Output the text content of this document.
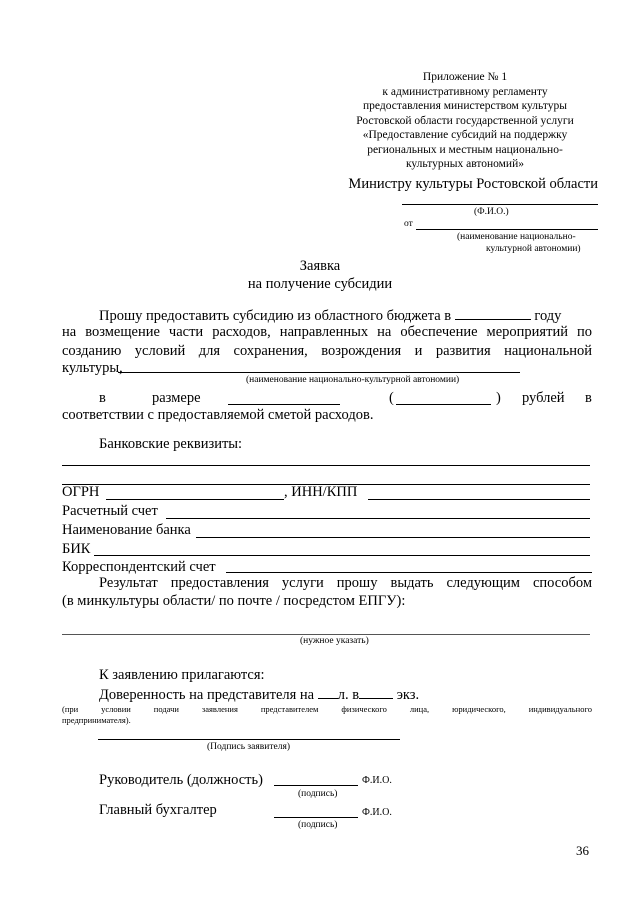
Приложение № 1
к административному регламенту
предоставления министерством культуры
Ростовской области государственной услуги
«Предоставление субсидий на поддержку
региональных и местным национально-
культурных автономий»
Министру культуры Ростовской области
(Ф.И.О.)
от
(наименование национально-
культурной автономии)
Заявка
на получение субсидии
Прошу предоставить субсидию из областного бюджета в	году
на возмещение части расходов, направленных на обеспечение мероприятий по
созданию условий для сохранения, возрождения и развития национальной
культуры,
(наименование национально-культурной автономии)
в	размере	(	) рублей в
соответствии с предоставляемой сметой расходов.
Банковские реквизиты:
ОГРН	, ИНН/КПП
Расчетный счет
Наименование банка
БИК
Корреспондентский счет
Результат предоставления услуги прошу выдать следующим способом
(в минкультуры области/ по почте / посредстом ЕПГУ):
(нужное указать)
К заявлению прилагаются:
Доверенность на представителя на л. в	экз.
(при условии подачи заявления представителем физического лица, юридического, индивидуального
предпринимателя).
(Подпись заявителя)
Руководитель (должность)	Ф.И.О.
(подпись)
Главный бухгалтер	Ф.И.О.
(подпись)
36
